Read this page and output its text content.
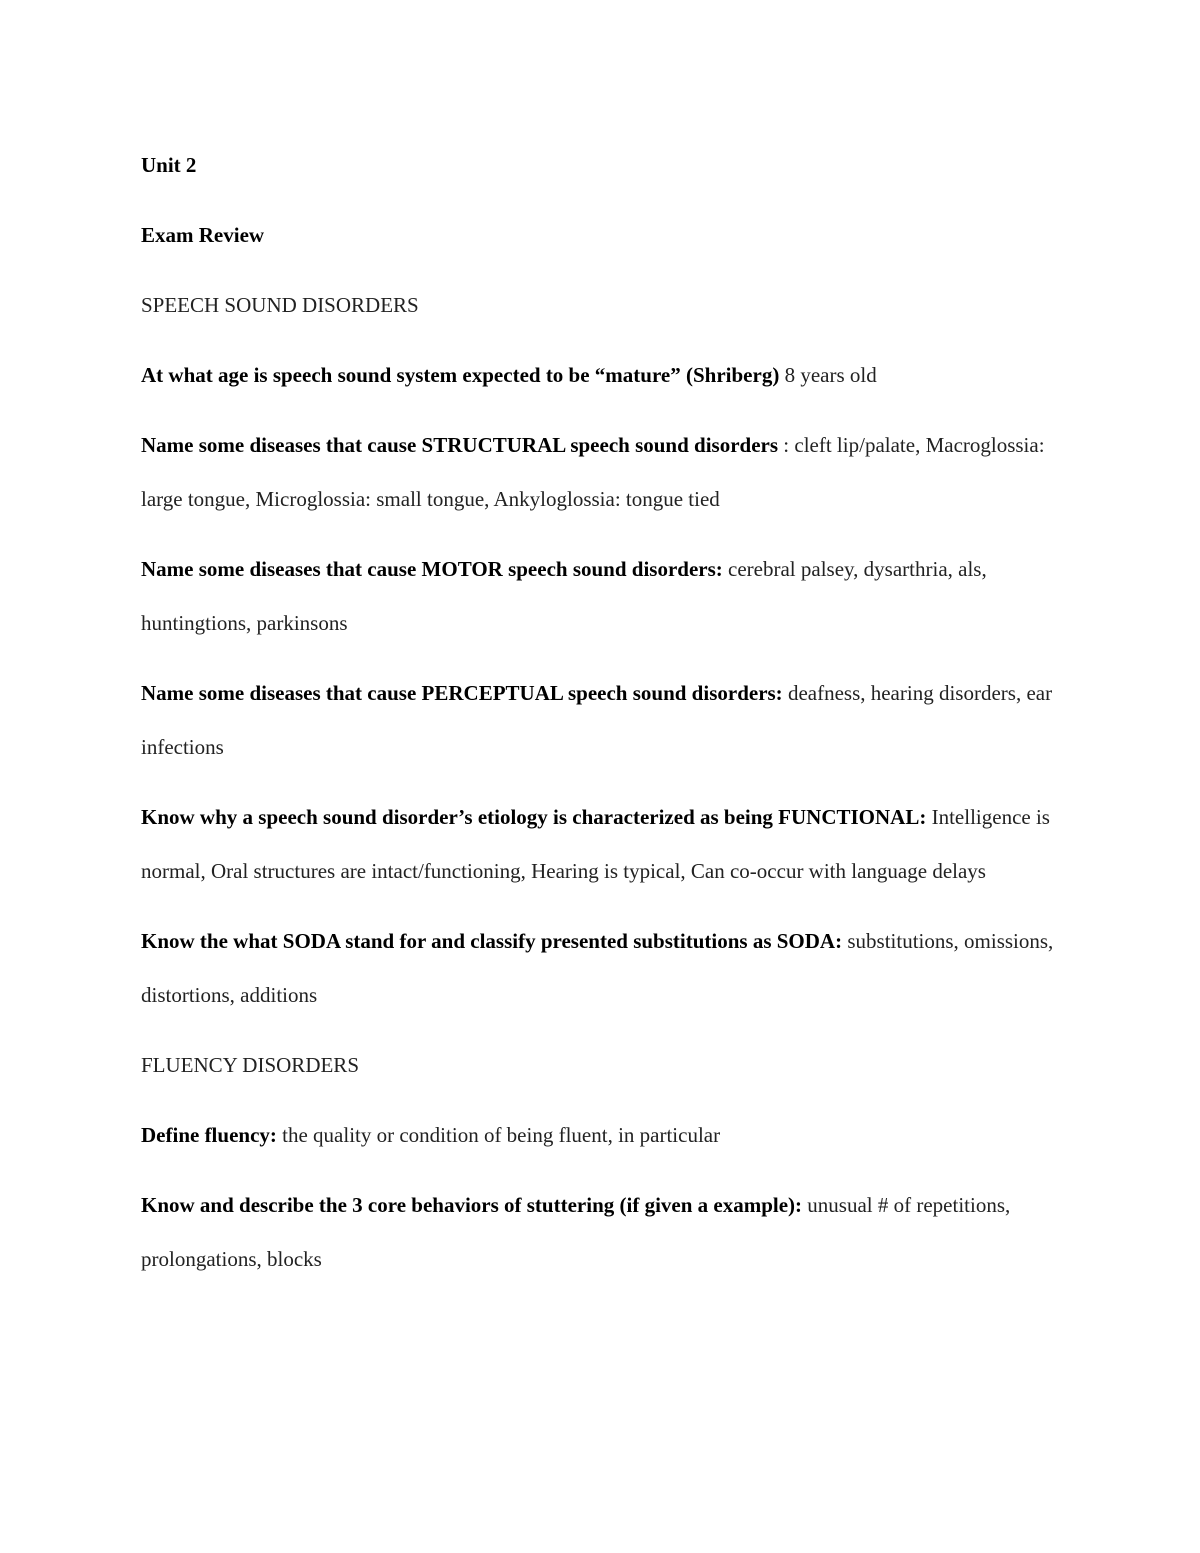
Unit 2

Exam Review

SPEECH SOUND DISORDERS

At what age is speech sound system expected to be “mature” (Shriberg) 8 years old

Name some diseases that cause STRUCTURAL speech sound disorders : cleft lip/palate, Macroglossia: large tongue, Microglossia: small tongue, Ankyloglossia: tongue tied

Name some diseases that cause MOTOR speech sound disorders: cerebral palsey, dysarthria, als, huntingtions, parkinsons

Name some diseases that cause PERCEPTUAL speech sound disorders: deafness, hearing disorders, ear infections

Know why a speech sound disorder’s etiology is characterized as being FUNCTIONAL: Intelligence is normal, Oral structures are intact/functioning, Hearing is typical, Can co-occur with language delays

Know the what SODA stand for and classify presented substitutions as SODA: substitutions, omissions, distortions, additions

FLUENCY DISORDERS

Define fluency: the quality or condition of being fluent, in particular

Know and describe the 3 core behaviors of stuttering (if given a example): unusual # of repetitions, prolongations, blocks
